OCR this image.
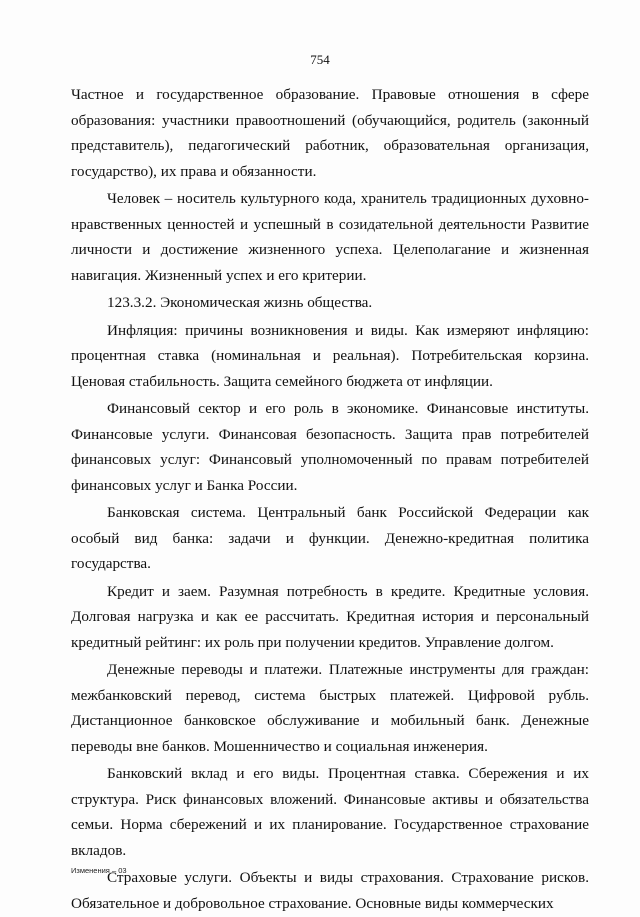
754

Частное и государственное образование. Правовые отношения в сфере образования: участники правоотношений (обучающийся, родитель (законный представитель), педагогический работник, образовательная организация, государство), их права и обязанности.

Человек – носитель культурного кода, хранитель традиционных духовно-нравственных ценностей и успешный в созидательной деятельности Развитие личности и достижение жизненного успеха. Целеполагание и жизненная навигация. Жизненный успех и его критерии.

123.3.2. Экономическая жизнь общества.

Инфляция: причины возникновения и виды. Как измеряют инфляцию: процентная ставка (номинальная и реальная). Потребительская корзина. Ценовая стабильность. Защита семейного бюджета от инфляции.

Финансовый сектор и его роль в экономике. Финансовые институты. Финансовые услуги. Финансовая безопасность. Защита прав потребителей финансовых услуг: Финансовый уполномоченный по правам потребителей финансовых услуг и Банка России.

Банковская система. Центральный банк Российской Федерации как особый вид банка: задачи и функции. Денежно-кредитная политика государства.

Кредит и заем. Разумная потребность в кредите. Кредитные условия. Долговая нагрузка и как ее рассчитать. Кредитная история и персональный кредитный рейтинг: их роль при получении кредитов. Управление долгом.

Денежные переводы и платежи. Платежные инструменты для граждан: межбанковский перевод, система быстрых платежей. Цифровой рубль. Дистанционное банковское обслуживание и мобильный банк. Денежные переводы вне банков. Мошенничество и социальная инженерия.

Банковский вклад и его виды. Процентная ставка. Сбережения и их структура. Риск финансовых вложений. Финансовые активы и обязательства семьи. Норма сбережений и их планирование. Государственное страхование вкладов.

Страховые услуги. Объекты и виды страхования. Страхование рисков. Обязательное и добровольное страхование. Основные виды коммерческих

Изменения – 03
